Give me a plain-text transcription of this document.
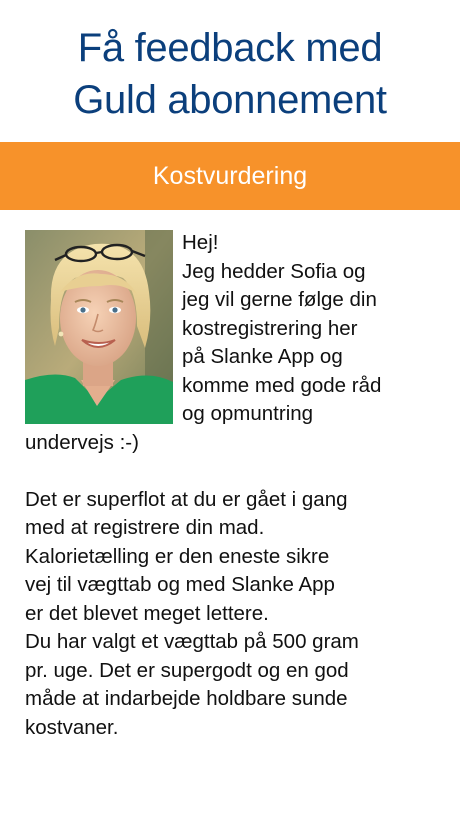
Få feedback med
Guld abonnement
Kostvurdering

Hej!
Jeg hedder Sofia og
jeg vil gerne følge din
kostregistrering her
på Slanke App og
komme med gode råd
og opmuntring
undervejs :-)

Det er superflot at du er gået i gang
med at registrere din mad.
Kalorietælling er den eneste sikre
vej til vægttab og med Slanke App
er det blevet meget lettere.
Du har valgt et vægttab på 500 gram
pr. uge. Det er supergodt og en god
måde at indarbejde holdbare sunde
kostvaner.
